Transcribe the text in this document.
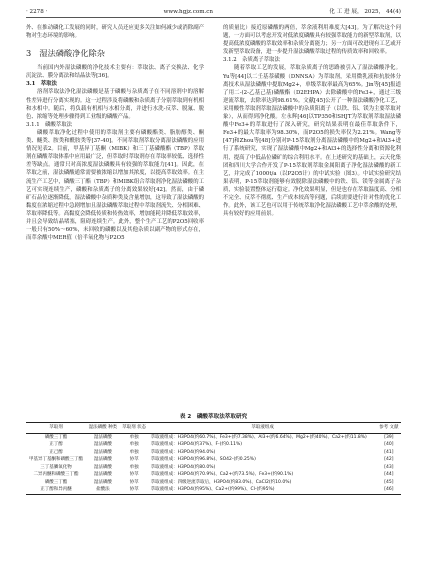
· 2278 ·	www.hgjz.com.cn	化 工 进 展， 2025， 44(4)

外、在推动磷化工发展的同时，研究人员还应更多关注如何减少或消除副产物对生态环境的影响。

3　湿法磷酸净化除杂

当前国内外湿法磷酸的净化技术主要有：萃取法、离子交换法、化学沉淀法、膜分离法和结晶法等[36]。

3.1　萃取法

溶剂萃取法净化湿法磷酸是基于磷酸与杂质离子在不同溶剂中的溶解性差异进行分离实现的。这一过程涉及将磷酸和杂质离子分别萃取到有机相和水相中。随后，将负载有机相与水相分离，并进行水洗-反萃、脱氟、脱色、浓缩等处理步骤得到工业级的磷酸产品。

3.1.1　磷酸萃取法

磷酸萃取净化过程中使用的萃取剂主要有磷酸酯类、脂肪醇类、酮类、醚类、胺类和酰胺类等[37-40]。不同萃取剂萃取分离湿法磷酸的应用情况见表2。目前，甲基异丁基酮（MIBK）和三丁基磷酸酯（TBP）萃取剂在磷酸萃取体系中应用最广泛，但萃取时萃取剂存在萃取率较低、选择性差等缺点。通常只对高浓度湿法磷酸具有较强的萃取能力[41]。因此，在萃取之前，湿法磷酸通常需要被浓缩以增加其浓度，以提高萃取效率。在主流生产工艺中，磷酸三丁酯（TBP）和MIBK组合萃取剂净化湿法磷酸的工艺可实现连续生产，磷酸和杂质离子的分离效果较好[42]。然而，由于磷矿石品位逐渐降低，湿法磷酸中杂质种类及含量增加，这导致了湿法磷酸的黏度在浓缩过程中急剧增加且湿法磷酸萃取过程中萃取剂流失、分相困难、萃取率降低等。高黏度会降低传质和传热效率，增加能耗并降低萃取效率，并且会导致结晶堵塞，阻碍连续生产。此外，整个生产工艺的P2O5回收率一般只有50%～60%，未回收的磷酸以及其他杂质以副产物的形式存在，而萃余酸中MER值（倍半氧化物与P2O5

的质量比）接近原磷酸的两倍，萃余液利用难度大[43]。为了解决这个问题，一方面可以考虑开发对低浓度磷酸具有较强萃取能力的新型萃取剂，以提高低浓度磷酸的萃取效率和杂质分离能力；另一方面可改进现有工艺或开发新型萃取设备，进一步提升湿法磷酸萃取过程的传质效率和回收率。

3.1.2　杂质离子萃取法

随着萃取工艺的发展，萃取杂质离子的思路被引入了湿法磷酸净化。Yu等[44]以二壬基萘磺酸（DNNSA）为萃取剂，采用微乳液和抗胶体分离技术从湿法磷酸中提取Mg2+，单级萃取率最高为65%。Jin等[45]报道了用二-(2-乙基己基)磷酸酯（D2EHPA）去除磷酸中的Fe3+，通过三级逆流萃取，去除率达到98.61%。文献[45]公开了一种湿法磷酸净化工艺，采用酸性萃取剂萃取湿法磷酸中的杂质阳离子（以铁、铝、镁为主要萃取对象），从而得到净化酸。左永辉[46]以TP350和SHJT为萃取剂萃取湿法磷酸中Fe3+的萃取进行了深入研究，研究结果表明在最佳萃取条件下，Fe3+的最大萃取率为98.30%，而P2O5的损失率仅为2.21%。Wang等[47]和Zhou等[48]分别对P-15萃取剂分离湿法磷酸中的Mg2+和Al3+进行了系统研究，实现了湿法磷酸中Mg2+和Al3+的选择性分离和资源化利用，提高了中低品位磷矿的综合利用水平。在上述研究的基础上，云天化集团和四川大学合作开发了P-15萃取剂萃取金属阳离子净化湿法磷酸的新工艺，并完成了1000t/a（以P2O5计）的中试实验（图3）。中试实验研究结果表明，P-15萃取剂能够有效脱除湿法磷酸中的铁、铝、镁等金属离子杂质，实验装置整体运行稳定。净化效果明显，但是也存在萃取温度高、分相不完全、反萃不彻底、生产成本较高等问题，后续需要进行针对性的优化工作。此外，该工艺也可以用于传统萃取净化湿法磷酸工艺中萃余酸的处理，具有较好的应用前景。

表 2　磷酸萃取法萃取研究
萃取剂	湿法磷酸 种类	萃取剂 状态	萃取液组成	参考 文献
磷酸三丁酯	湿法磷酸	单独	萃取液组成：H3PO4(约60.7%)、Fe3+(约7.38%)、Al3+(约6.64%)、Mg2+(约40%)、Ca2+(约11.8%)	[39]
正丁醇	湿法磷酸	单独	萃取液组成：H3PO4(约37%)、F-(约0.11%)	[40]
正己醇	湿法磷酸	单独	萃取液组成：H3PO4(约94.0%)	[41]
甲基异丁基酮和磷酸三丁酯	湿法磷酸	协萃	萃取液组成：H3PO4(约96.8%)、SO42-(约0.25%)	[42]
三丁基膦氧化物	湿法磷酸	单独	萃取液组成：H3PO4(约80.0%)	[43]
二异丙醚和磷酸三丁酯	湿法磷酸	协萃	萃取液组成：H3PO4(约70.9%)、Ca2+(约73.5%)、Fe3+(约90.1%)	[44]
磷酸三丁酯	湿法磷酸	协萃	萃取液组成：四级逆流萃取后，H3PO4(约83.0%)、CaCl2(约10.0%)	[45]
正丁醇和异丙醚	盐酸法	协萃	萃取液组成：H3PO4(约95%)、Ca2+(约99%)、Cl-(约95%)	[46]
